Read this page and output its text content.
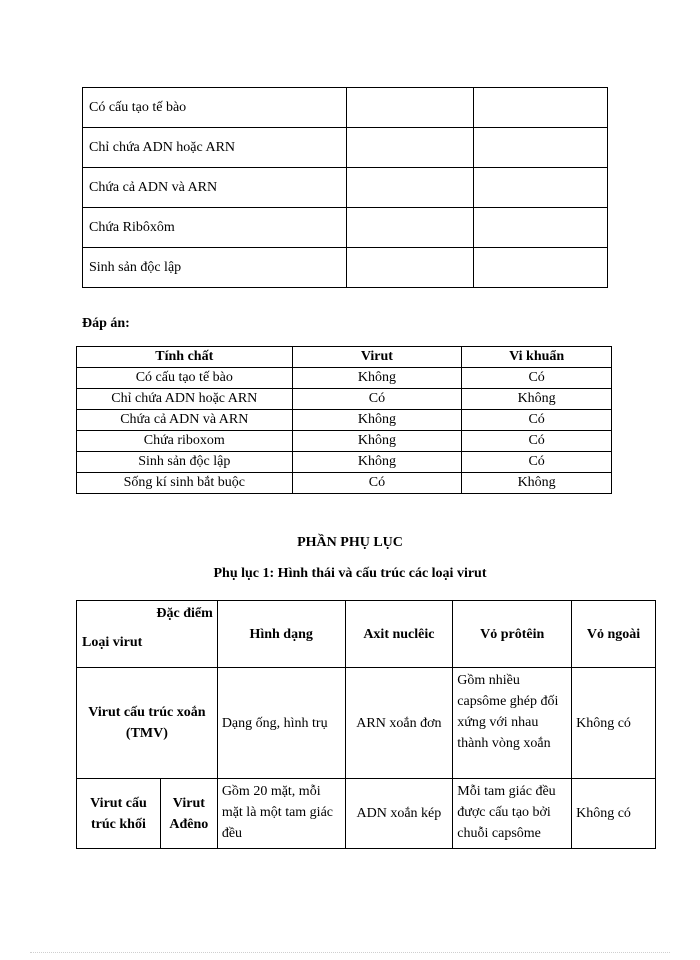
Có cấu tạo tế bào		
Chỉ chứa ADN hoặc ARN		
Chứa cả ADN và ARN		
Chứa Ribôxôm		
Sinh sản độc lập		
Đáp án:
Tính chất	Virut	Vi khuẩn
Có cấu tạo tế bào	Không	Có
Chỉ chứa ADN hoặc ARN	Có	Không
Chứa cả ADN và ARN	Không	Có
Chứa riboxom	Không	Có
Sinh sản độc lập	Không	Có
Sống kí sinh bắt buộc	Có	Không
PHẦN PHỤ LỤC
Phụ lục 1: Hình thái và cấu trúc các loại virut
Đặc điểm
Loại virut		Hình dạng	Axit nuclêic	Vỏ prôtêin	Vỏ ngoài
Virut cấu trúc xoắn (TMV)		Dạng ống, hình trụ	ARN xoắn đơn	Gồm nhiều capsôme ghép đối xứng với nhau thành vòng xoắn	Không có
Virut cấu trúc khối	Virut Ađêno	Gồm 20 mặt, mỗi mặt là một tam giác đều	ADN xoắn kép	Mỗi tam giác đều được cấu tạo bởi chuỗi capsôme	Không có
